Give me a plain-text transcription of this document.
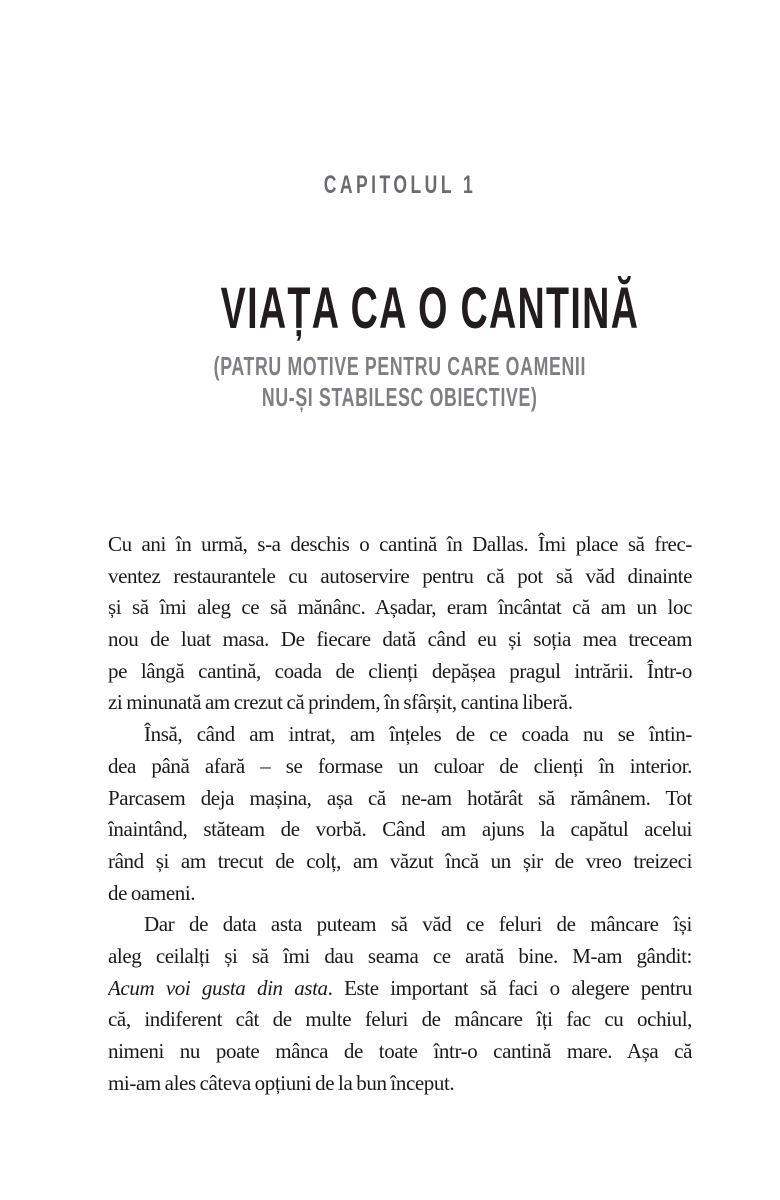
CAPITOLUL 1
VIAȚA CA O CANTINĂ
(PATRU MOTIVE PENTRU CARE OAMENII
NU-ȘI STABILESC OBIECTIVE)
Cu ani în urmă, s-a deschis o cantină în Dallas. Îmi place să frec-
ventez restaurantele cu autoservire pentru că pot să văd dinainte
și să îmi aleg ce să mănânc. Așadar, eram încântat că am un loc
nou de luat masa. De fiecare dată când eu și soția mea treceam
pe lângă cantină, coada de clienți depășea pragul intrării. Într-o
zi minunată am crezut că prindem, în sfârșit, cantina liberă.
Însă, când am intrat, am înțeles de ce coada nu se întin-
dea până afară – se formase un culoar de clienți în interior.
Parcasem deja mașina, așa că ne-am hotărât să rămânem. Tot
înaintând, stăteam de vorbă. Când am ajuns la capătul acelui
rând și am trecut de colț, am văzut încă un șir de vreo treizeci
de oameni.
Dar de data asta puteam să văd ce feluri de mâncare își
aleg ceilalți și să îmi dau seama ce arată bine. M-am gândit:
Acum voi gusta din asta. Este important să faci o alegere pentru
că, indiferent cât de multe feluri de mâncare îți fac cu ochiul,
nimeni nu poate mânca de toate într-o cantină mare. Așa că
mi-am ales câteva opțiuni de la bun început.
